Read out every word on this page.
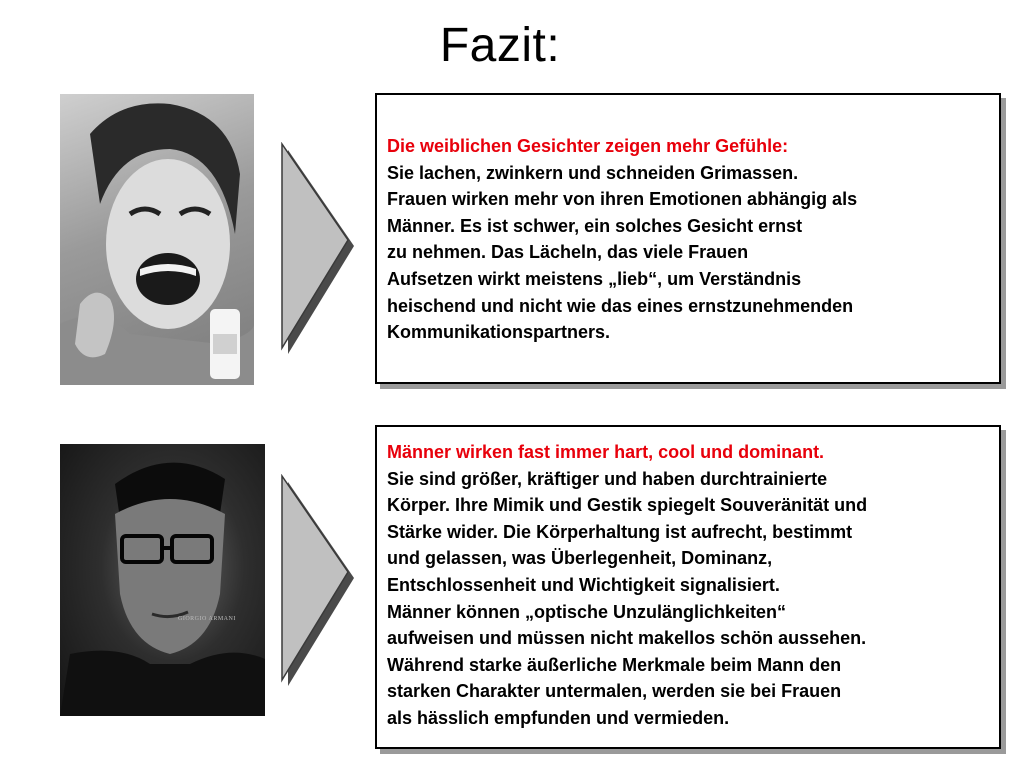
Fazit:
Die weiblichen Gesichter zeigen mehr Gefühle:
Sie lachen, zwinkern und schneiden Grimassen.
Frauen wirken mehr von ihren Emotionen abhängig als
Männer. Es ist schwer, ein solches Gesicht ernst
zu nehmen. Das Lächeln, das viele Frauen
Aufsetzen wirkt meistens „lieb“, um Verständnis
heischend und nicht wie das eines ernstzunehmenden
Kommunikationspartners.
GIORGIO ARMANI
Männer wirken fast immer hart, cool und dominant.
Sie sind größer, kräftiger und haben durchtrainierte
Körper. Ihre Mimik und Gestik spiegelt Souveränität und
Stärke wider. Die Körperhaltung ist aufrecht, bestimmt
und gelassen, was Überlegenheit, Dominanz,
Entschlossenheit und Wichtigkeit signalisiert.
Männer können „optische Unzulänglichkeiten“
aufweisen und müssen nicht makellos schön aussehen.
Während starke äußerliche Merkmale beim Mann den
starken Charakter untermalen, werden sie bei Frauen
als hässlich empfunden und vermieden.
